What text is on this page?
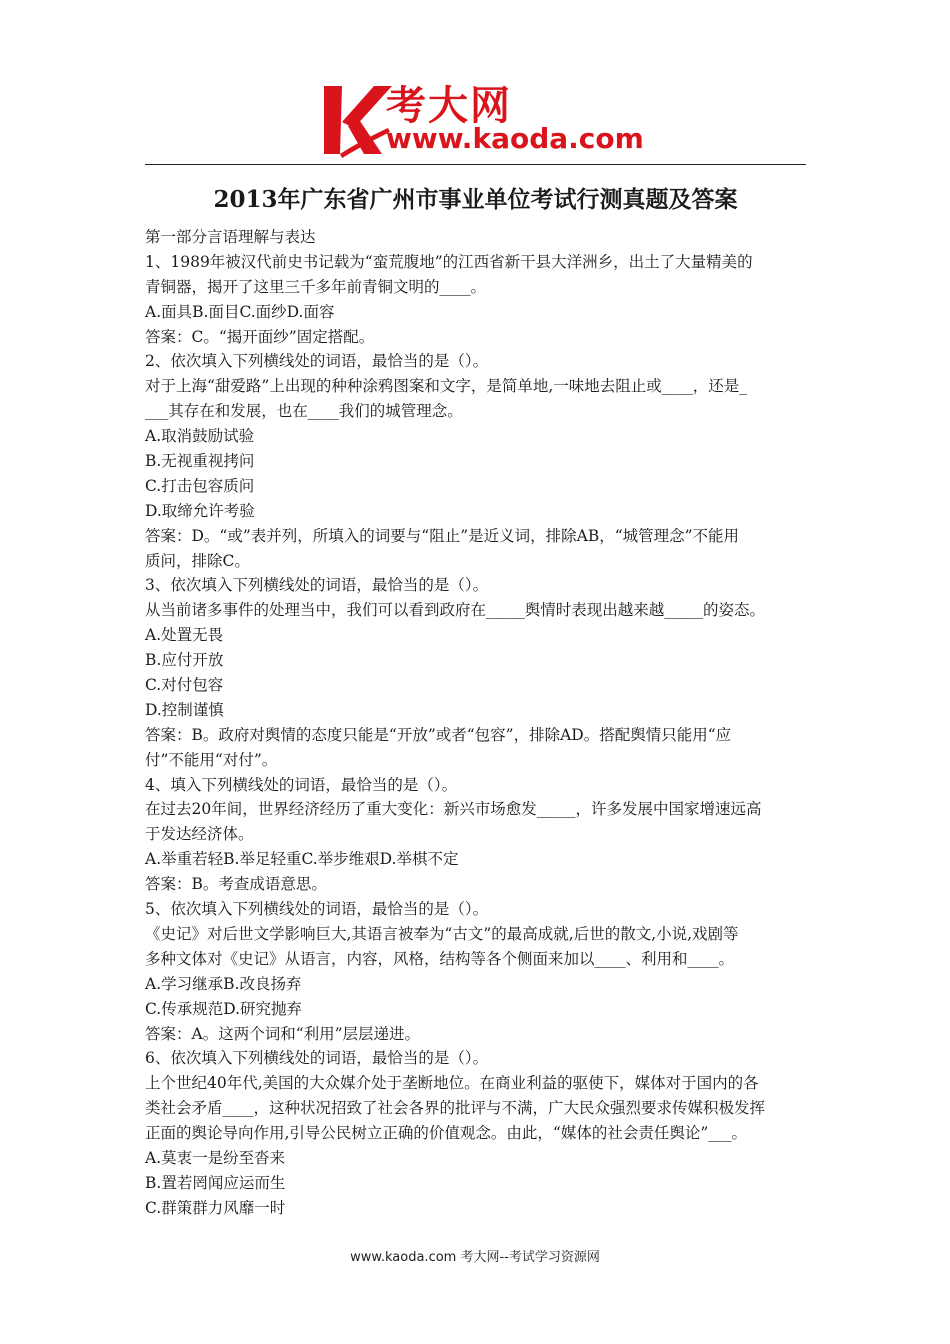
考大网
www.kaoda.com
2013年广东省广州市事业单位考试行测真题及答案
第一部分言语理解与表达
1、1989年被汉代前史书记载为“蛮荒腹地”的江西省新干县大洋洲乡，出土了大量精美的
青铜器，揭开了这里三千多年前青铜文明的____。
A.面具B.面目C.面纱D.面容
答案：C。“揭开面纱”固定搭配。
2、依次填入下列横线处的词语，最恰当的是（）。
对于上海“甜爱路”上出现的种种涂鸦图案和文字，是简单地,一味地去阻止或____，还是_
___其存在和发展，也在____我们的城管理念。
A.取消鼓励试验
B.无视重视拷问
C.打击包容质问
D.取缔允许考验
答案：D。“或”表并列，所填入的词要与“阻止”是近义词，排除AB，“城管理念”不能用
质问，排除C。
3、依次填入下列横线处的词语，最恰当的是（）。
从当前诸多事件的处理当中，我们可以看到政府在_____舆情时表现出越来越_____的姿态。
A.处置无畏
B.应付开放
C.对付包容
D.控制谨慎
答案：B。政府对舆情的态度只能是“开放”或者“包容”，排除AD。搭配舆情只能用“应
付”不能用“对付”。
4、填入下列横线处的词语，最恰当的是（）。
在过去20年间，世界经济经历了重大变化：新兴市场愈发_____，许多发展中国家增速远高
于发达经济体。
A.举重若轻B.举足轻重C.举步维艰D.举棋不定
答案：B。考查成语意思。
5、依次填入下列横线处的词语，最恰当的是（）。
《史记》对后世文学影响巨大,其语言被奉为“古文”的最高成就,后世的散文,小说,戏剧等
多种文体对《史记》从语言，内容，风格，结构等各个侧面来加以____、利用和____。
A.学习继承B.改良扬弃
C.传承规范D.研究抛弃
答案：A。这两个词和“利用”层层递进。
6、依次填入下列横线处的词语，最恰当的是（）。
上个世纪40年代,美国的大众媒介处于垄断地位。在商业利益的驱使下，媒体对于国内的各
类社会矛盾____，这种状况招致了社会各界的批评与不满，广大民众强烈要求传媒积极发挥
正面的舆论导向作用,引导公民树立正确的价值观念。由此，“媒体的社会责任舆论”___。
A.莫衷一是纷至沓来
B.置若罔闻应运而生
C.群策群力风靡一时
www.kaoda.com 考大网--考试学习资源网
